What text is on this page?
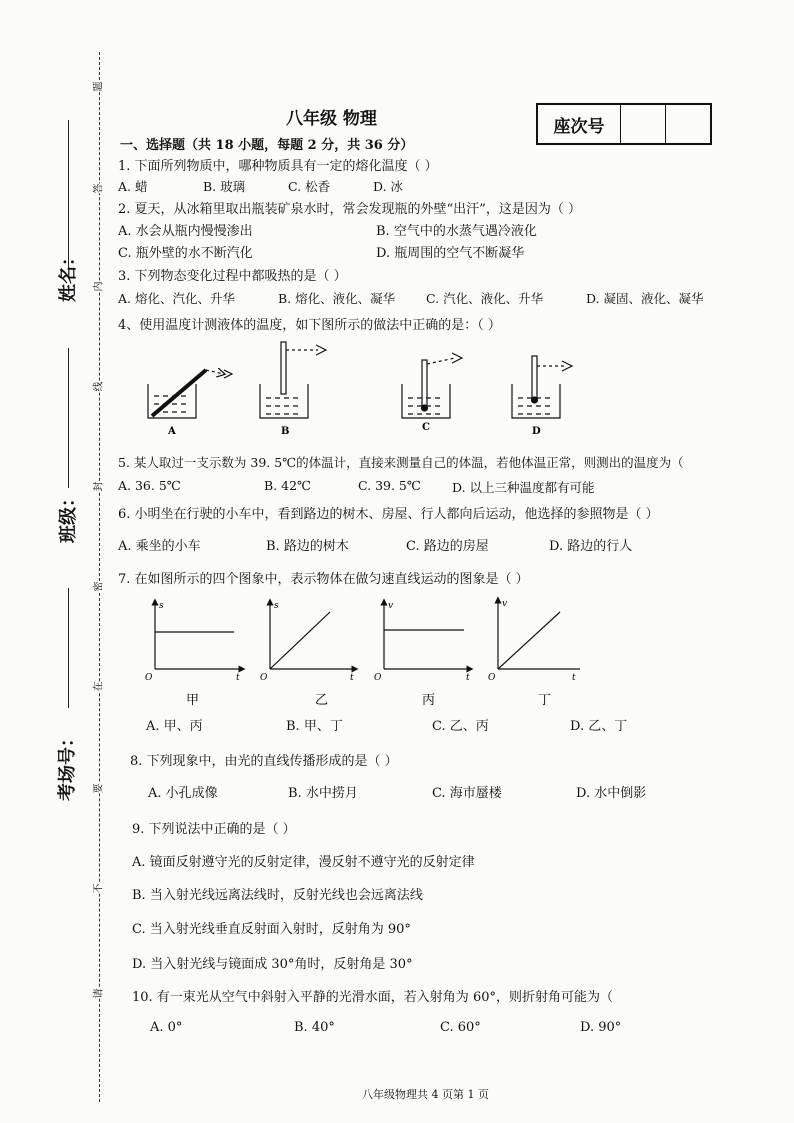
题
答
内
线
封
密
在
要
不
请
姓名：
班级：
考场号：
八年级 物理	座次号
一、选择题（共 18 小题，每题 2 分，共 36 分）
1. 下面所列物质中，哪种物质具有一定的熔化温度（ ）
A. 蜡	B. 玻璃	C. 松香	D. 冰
2. 夏天，从冰箱里取出瓶装矿泉水时，常会发现瓶的外壁“出汗”，这是因为（ ）
A. 水会从瓶内慢慢渗出	B. 空气中的水蒸气遇冷液化
C. 瓶外壁的水不断汽化	D. 瓶周围的空气不断凝华
3. 下列物态变化过程中都吸热的是（ ）
A. 熔化、汽化、升华	B. 熔化、液化、凝华 C. 汽化、液化、升华	D. 凝固、液化、凝华
4、使用温度计测液体的温度，如下图所示的做法中正确的是：（ ）
A	B	C	D
5. 某人取过一支示数为 39. 5℃的体温计，直接来测量自己的体温，若他体温正常，则测出的温度为（
A. 36. 5℃	B. 42℃	C. 39. 5℃ D. 以上三种温度都有可能
6. 小明坐在行驶的小车中，看到路边的树木、房屋、行人都向后运动，他选择的参照物是（ ）
A. 乘坐的小车	B. 路边的树木	C. 路边的房屋	D. 路边的行人
7. 在如图所示的四个图象中，表示物体在做匀速直线运动的图象是（ ）
s
O	t
s
O	t
v
O	t
v
O	t
甲	乙	丙	丁
A. 甲、丙	B. 甲、丁	C. 乙、丙	D. 乙、丁
8. 下列现象中，由光的直线传播形成的是（ ）
A. 小孔成像	B. 水中捞月	C. 海市蜃楼	D. 水中倒影
9. 下列说法中正确的是（ ）
A. 镜面反射遵守光的反射定律，漫反射不遵守光的反射定律
B. 当入射光线远离法线时，反射光线也会远离法线
C. 当入射光线垂直反射面入射时，反射角为 90°
D. 当入射光线与镜面成 30°角时，反射角是 30°
10. 有一束光从空气中斜射入平静的光滑水面，若入射角为 60°，则折射角可能为（
A. 0°	B. 40°	C. 60°	D. 90°
八年级物理共 4 页第 1 页
